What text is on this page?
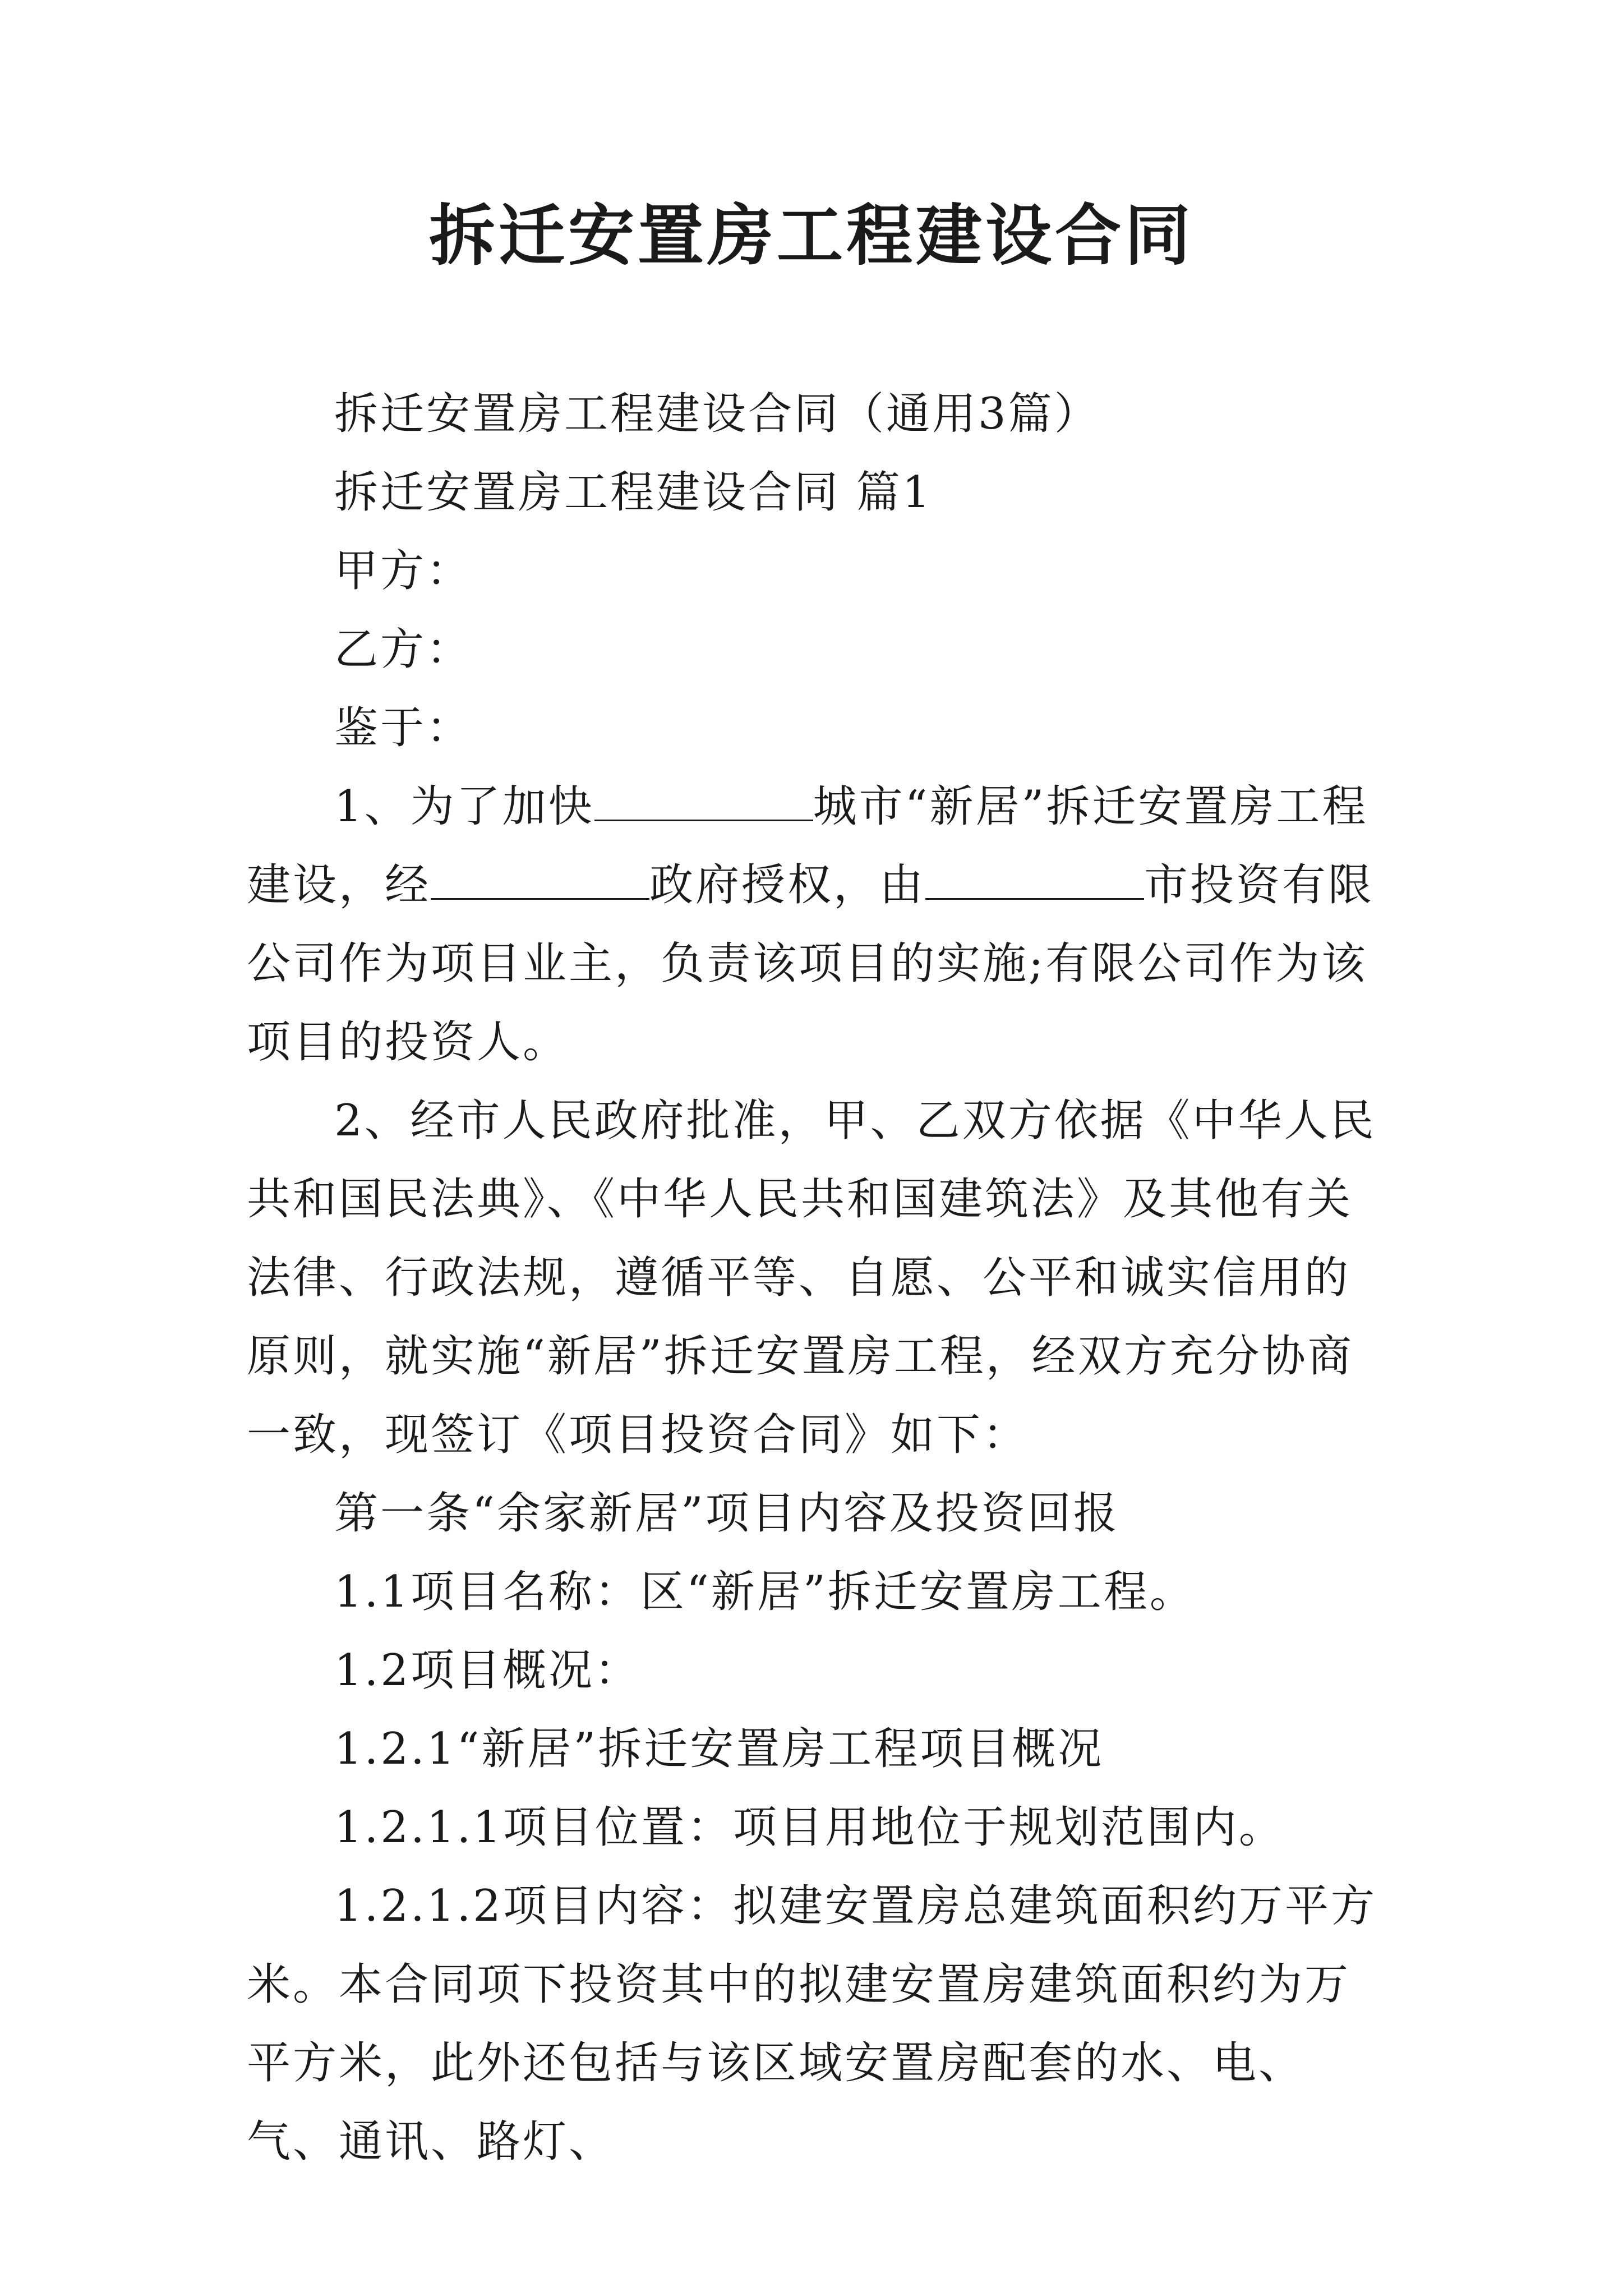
拆迁安置房工程建设合同

拆迁安置房工程建设合同（通用3篇）

拆迁安置房工程建设合同 篇1

甲方：

乙方：

鉴于：

1、为了加快	城市“新居”拆迁安置房工程建设，经	政府授权，由	市投资有限公司作为项目业主，负责该项目的实施;有限公司作为该项目的投资人。

2、经市人民政府批准，甲、乙双方依据《中华人民共和国民法典》、《中华人民共和国建筑法》及其他有关法律、行政法规，遵循平等、自愿、公平和诚实信用的原则，就实施“新居”拆迁安置房工程，经双方充分协商一致，现签订《项目投资合同》如下：

第一条“余家新居”项目内容及投资回报

1.1项目名称：区“新居”拆迁安置房工程。

1.2项目概况：

1.2.1“新居”拆迁安置房工程项目概况

1.2.1.1项目位置：项目用地位于规划范围内。

1.2.1.2项目内容：拟建安置房总建筑面积约万平方米。本合同项下投资其中的拟建安置房建筑面积约为万平方米，此外还包括与该区域安置房配套的水、电、气、通讯、路灯、
